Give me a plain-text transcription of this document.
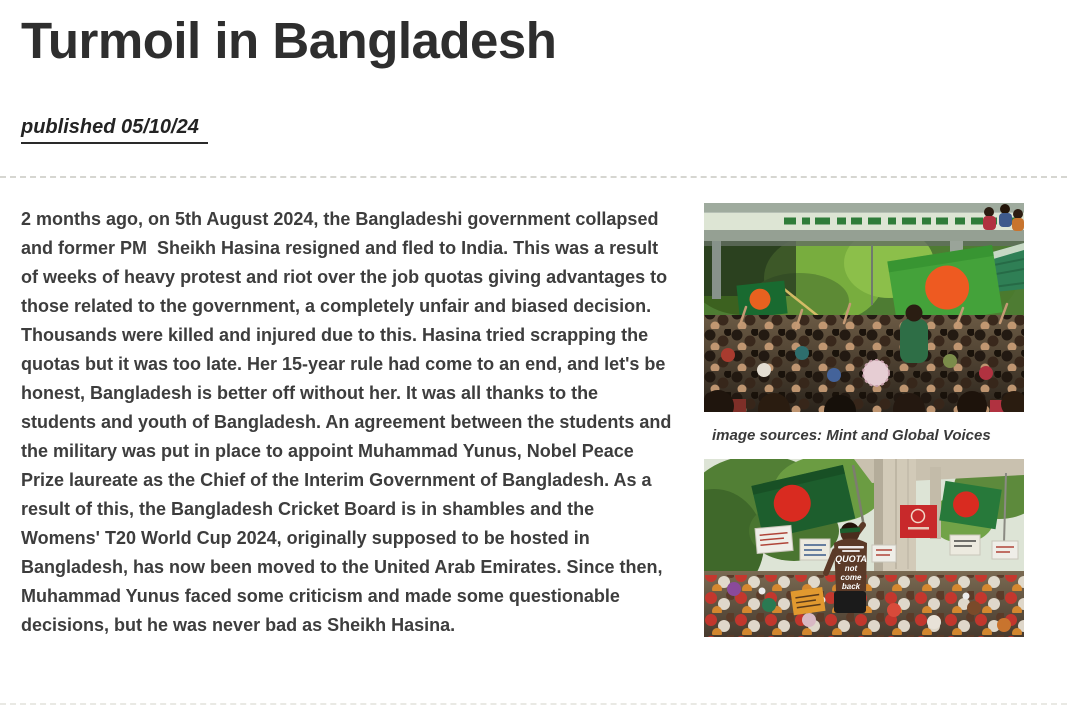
Turmoil in Bangladesh
published 05/10/24
2 months ago, on 5th August 2024, the Bangladeshi government collapsed and former PM  Sheikh Hasina resigned and fled to India. This was a result of weeks of heavy protest and riot over the job quotas giving advantages to those related to the government, a completely unfair and biased decision. Thousands were killed and injured due to this. Hasina tried scrapping the quotas but it was too late. Her 15-year rule had come to an end, and let's be honest, Bangladesh is better off without her. It was all thanks to the students and youth of Bangladesh. An agreement between the students and the military was put in place to appoint Muhammad Yunus, Nobel Peace Prize laureate as the Chief of the Interim Government of Bangladesh. As a result of this, the Bangladesh Cricket Board is in shambles and the Womens' T20 World Cup 2024, originally supposed to be hosted in Bangladesh, has now been moved to the United Arab Emirates. Since then, Muhammad Yunus faced some criticism and made some questionable decisions, but he was never bad as Sheikh Hasina.
image sources: Mint and Global Voices
QUOTA
not
come
back
